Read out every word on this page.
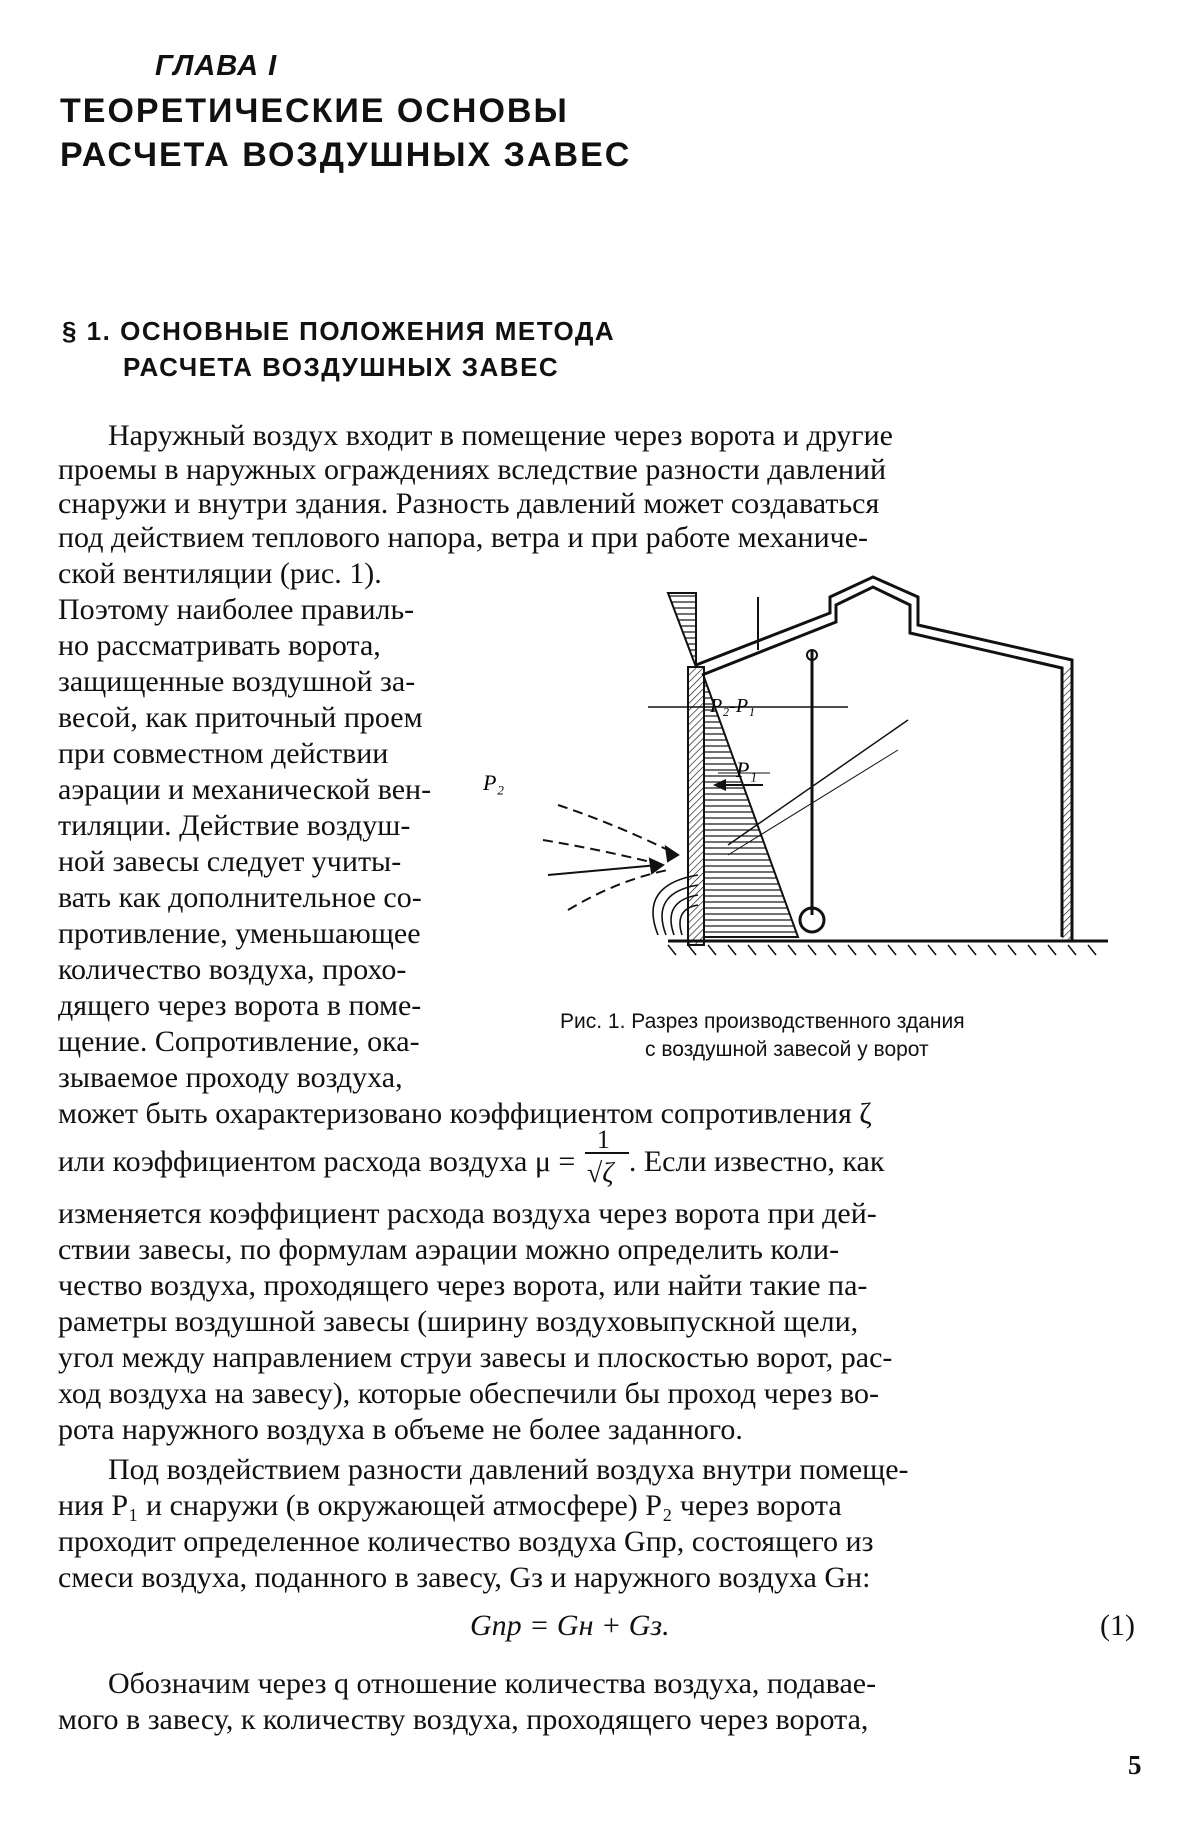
ГЛАВА I
ТЕОРЕТИЧЕСКИЕ ОСНОВЫ
РАСЧЕТА ВОЗДУШНЫХ ЗАВЕС
§ 1. ОСНОВНЫЕ ПОЛОЖЕНИЯ МЕТОДА
РАСЧЕТА ВОЗДУШНЫХ ЗАВЕС
Наружный воздух входит в помещение через ворота и другие
проемы в наружных ограждениях вследствие разности давлений
снаружи и внутри здания. Разность давлений может создаваться
под действием теплового напора, ветра и при работе механиче-
ской вентиляции (рис. 1).
Поэтому наиболее правиль-
но рассматривать ворота,
защищенные воздушной за-
весой, как приточный проем
при совместном действии
аэрации и механической вен-
тиляции. Действие воздуш-
ной завесы следует учиты-
вать как дополнительное со-
противление, уменьшающее
количество воздуха, прохо-
дящего через ворота в поме-
щение. Сопротивление, ока-
зываемое проходу воздуха,
P₂-P₁
P₁
P₂
Рис. 1. Разрез производственного здания
с воздушной завесой у ворот
может быть охарактеризовано коэффициентом сопротивления ζ
или коэффициентом расхода воздуха $\mu = \frac{1}{√\zeta}$ . Если известно, как
изменяется коэффициент расхода воздуха через ворота при дей-
ствии завесы, по формулам аэрации можно определить коли-
чество воздуха, проходящего через ворота, или найти такие па-
раметры воздушной завесы (ширину воздуховыпускной щели,
угол между направлением струи завесы и плоскостью ворот, рас-
ход воздуха на завесу), которые обеспечили бы проход через во-
рота наружного воздуха в объеме не более заданного.
Под воздействием разности давлений воздуха внутри помеще-
ния P₁ и снаружи (в окружающей атмосфере) P₂ через ворота
проходит определенное количество воздуха Gпр, состоящего из
смеси воздуха, поданного в завесу, Gз и наружного воздуха Gн:
Gпр = Gн + Gз.	(1)
Обозначим через q отношение количества воздуха, подавае-
мого в завесу, к количеству воздуха, проходящего через ворота,
5
